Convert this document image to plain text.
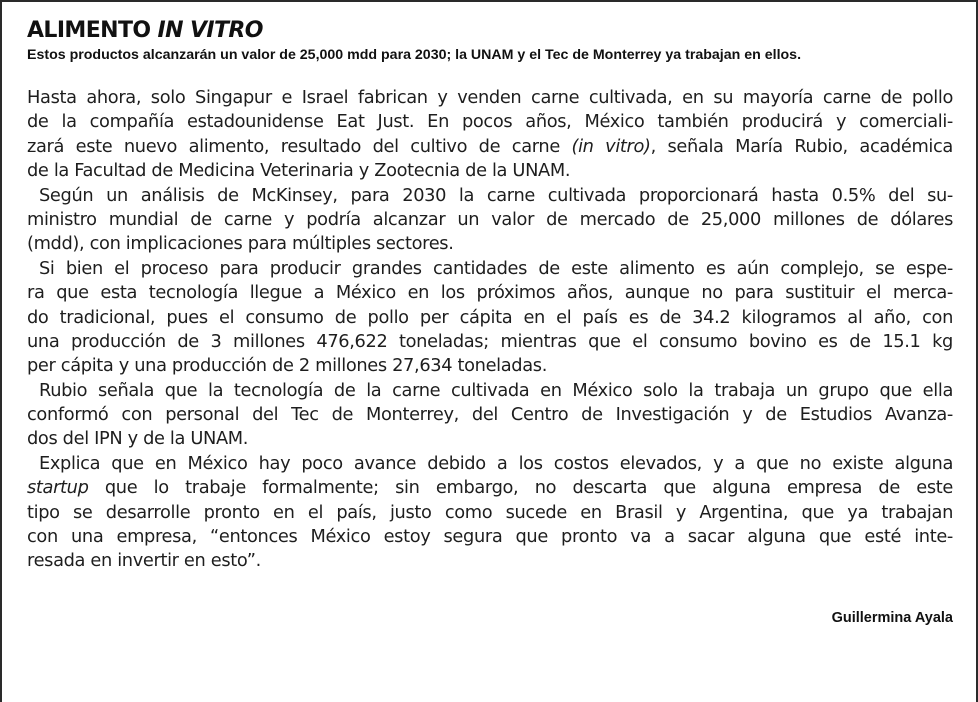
ALIMENTO IN VITRO
Estos productos alcanzarán un valor de 25,000 mdd para 2030; la UNAM y el Tec de Monterrey ya trabajan en ellos.
Hasta ahora, solo Singapur e Israel fabrican y venden carne cultivada, en su mayoría carne de pollo
de la compañía estadounidense Eat Just. En pocos años, México también producirá y comerciali-
zará este nuevo alimento, resultado del cultivo de carne (in vitro), señala María Rubio, académica
de la Facultad de Medicina Veterinaria y Zootecnia de la UNAM.
Según un análisis de McKinsey, para 2030 la carne cultivada proporcionará hasta 0.5% del su-
ministro mundial de carne y podría alcanzar un valor de mercado de 25,000 millones de dólares
(mdd), con implicaciones para múltiples sectores.
Si bien el proceso para producir grandes cantidades de este alimento es aún complejo, se espe-
ra que esta tecnología llegue a México en los próximos años, aunque no para sustituir el merca-
do tradicional, pues el consumo de pollo per cápita en el país es de 34.2 kilogramos al año, con
una producción de 3 millones 476,622 toneladas; mientras que el consumo bovino es de 15.1 kg
per cápita y una producción de 2 millones 27,634 toneladas.
Rubio señala que la tecnología de la carne cultivada en México solo la trabaja un grupo que ella
conformó con personal del Tec de Monterrey, del Centro de Investigación y de Estudios Avanza-
dos del IPN y de la UNAM.
Explica que en México hay poco avance debido a los costos elevados, y a que no existe alguna
startup que lo trabaje formalmente; sin embargo, no descarta que alguna empresa de este
tipo se desarrolle pronto en el país, justo como sucede en Brasil y Argentina, que ya trabajan
con una empresa, “entonces México estoy segura que pronto va a sacar alguna que esté inte-
resada en invertir en esto”.
Guillermina Ayala
